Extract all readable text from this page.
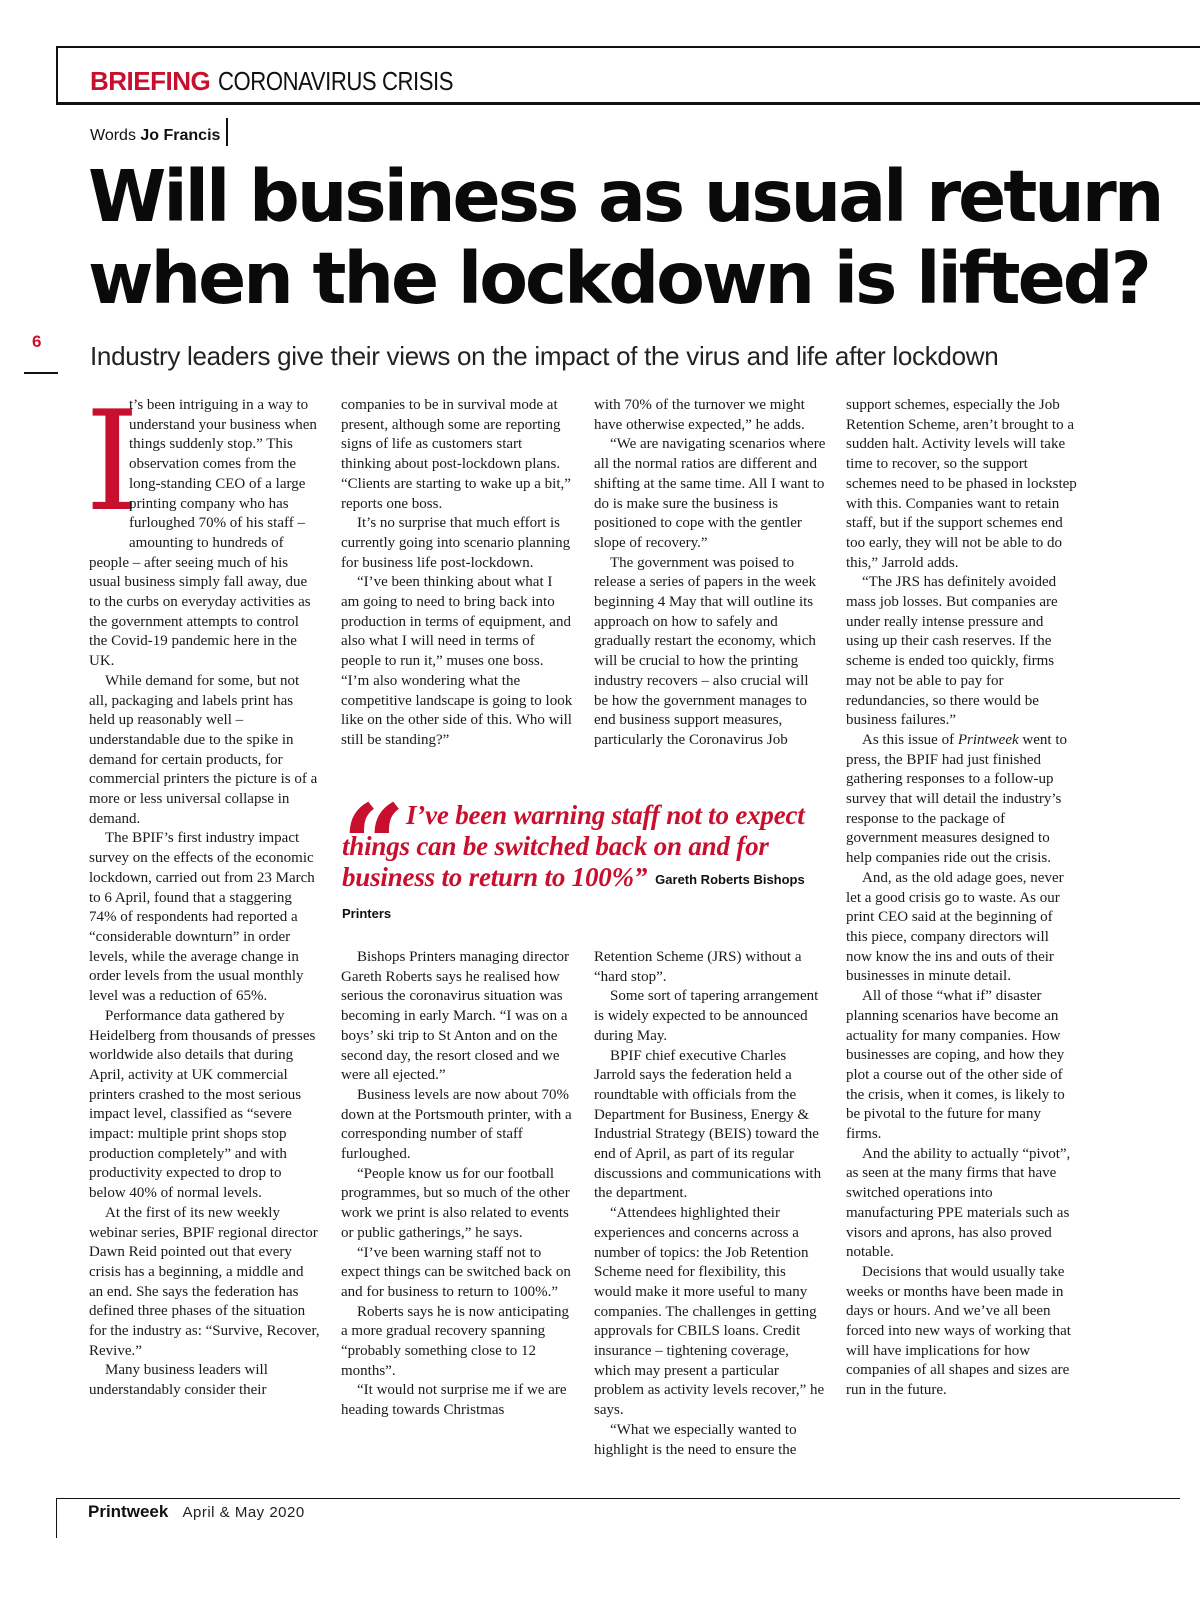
BRIEFING CORONAVIRUS CRISIS
Words Jo Francis
Will business as usual return when the lockdown is lifted?
6 Industry leaders give their views on the impact of the virus and life after lockdown

I

t’s been intriguing in a way to understand your business when things suddenly stop.” This observation comes from the long-standing CEO of a large printing company who has furloughed 70% of his staff – amounting to hundreds of people – after seeing much of his usual business simply fall away, due to the curbs on everyday activities as the government attempts to control the Covid-19 pandemic here in the UK.

While demand for some, but not all, packaging and labels print has held up reasonably well – understandable due to the spike in demand for certain products, for commercial printers the picture is of a more or less universal collapse in demand.

The BPIF’s first industry impact survey on the effects of the economic lockdown, carried out from 23 March to 6 April, found that a staggering 74% of respondents had reported a “considerable downturn” in order levels, while the average change in order levels from the usual monthly level was a reduction of 65%.

Performance data gathered by Heidelberg from thousands of presses worldwide also details that during April, activity at UK commercial printers crashed to the most serious impact level, classified as “severe impact: multiple print shops stop production completely” and with productivity expected to drop to below 40% of normal levels.

At the first of its new weekly webinar series, BPIF regional director Dawn Reid pointed out that every crisis has a beginning, a middle and an end. She says the federation has defined three phases of the situation for the industry as: “Survive, Recover, Revive.”

Many business leaders will understandably consider their

companies to be in survival mode at present, although some are reporting signs of life as customers start thinking about post-lockdown plans. “Clients are starting to wake up a bit,” reports one boss.

It’s no surprise that much effort is currently going into scenario planning for business life post-lockdown.

“I’ve been thinking about what I am going to need to bring back into production in terms of equipment, and also what I will need in terms of people to run it,” muses one boss. “I’m also wondering what the competitive landscape is going to look like on the other side of this. Who will still be standing?”

with 70% of the turnover we might have otherwise expected,” he adds.

“We are navigating scenarios where all the normal ratios are different and shifting at the same time. All I want to do is make sure the business is positioned to cope with the gentler slope of recovery.”

The government was poised to release a series of papers in the week beginning 4 May that will outline its approach on how to safely and gradually restart the economy, which will be crucial to how the printing industry recovers – also crucial will be how the government manages to end business support measures, particularly the Coronavirus Job

support schemes, especially the Job Retention Scheme, aren’t brought to a sudden halt. Activity levels will take time to recover, so the support schemes need to be phased in lockstep with this. Companies want to retain staff, but if the support schemes end too early, they will not be able to do this,” Jarrold adds.

“The JRS has definitely avoided mass job losses. But companies are under really intense pressure and using up their cash reserves. If the scheme is ended too quickly, firms may not be able to pay for redundancies, so there would be business failures.”

As this issue of Printweek went to press, the BPIF had just finished gathering responses to a follow-up survey that will detail the industry’s response to the package of government measures designed to help companies ride out the crisis.

And, as the old adage goes, never let a good crisis go to waste. As our print CEO said at the beginning of this piece, company directors will now know the ins and outs of their businesses in minute detail.

All of those “what if” disaster planning scenarios have become an actuality for many companies. How businesses are coping, and how they plot a course out of the other side of the crisis, when it comes, is likely to be pivotal to the future for many firms.

And the ability to actually “pivot”, as seen at the many firms that have switched operations into manufacturing PPE materials such as visors and aprons, has also proved notable.

Decisions that would usually take weeks or months have been made in days or hours. And we’ve all been forced into new ways of working that will have implications for how companies of all shapes and sizes are run in the future.

“ I’ve been warning staff not to expect things can be switched back on and for business to return to 100%” Gareth Roberts Bishops Printers

Bishops Printers managing director Gareth Roberts says he realised how serious the coronavirus situation was becoming in early March. “I was on a boys’ ski trip to St Anton and on the second day, the resort closed and we were all ejected.”

Business levels are now about 70% down at the Portsmouth printer, with a corresponding number of staff furloughed.

“People know us for our football programmes, but so much of the other work we print is also related to events or public gatherings,” he says.

“I’ve been warning staff not to expect things can be switched back on and for business to return to 100%.”

Roberts says he is now anticipating a more gradual recovery spanning “probably something close to 12 months”.

“It would not surprise me if we are heading towards Christmas

Retention Scheme (JRS) without a “hard stop”.

Some sort of tapering arrangement is widely expected to be announced during May.

BPIF chief executive Charles Jarrold says the federation held a roundtable with officials from the Department for Business, Energy & Industrial Strategy (BEIS) toward the end of April, as part of its regular discussions and communications with the department.

“Attendees highlighted their experiences and concerns across a number of topics: the Job Retention Scheme need for flexibility, this would make it more useful to many companies. The challenges in getting approvals for CBILS loans. Credit insurance – tightening coverage, which may present a particular problem as activity levels recover,” he says.

“What we especially wanted to highlight is the need to ensure the

Printweek April & May 2020
